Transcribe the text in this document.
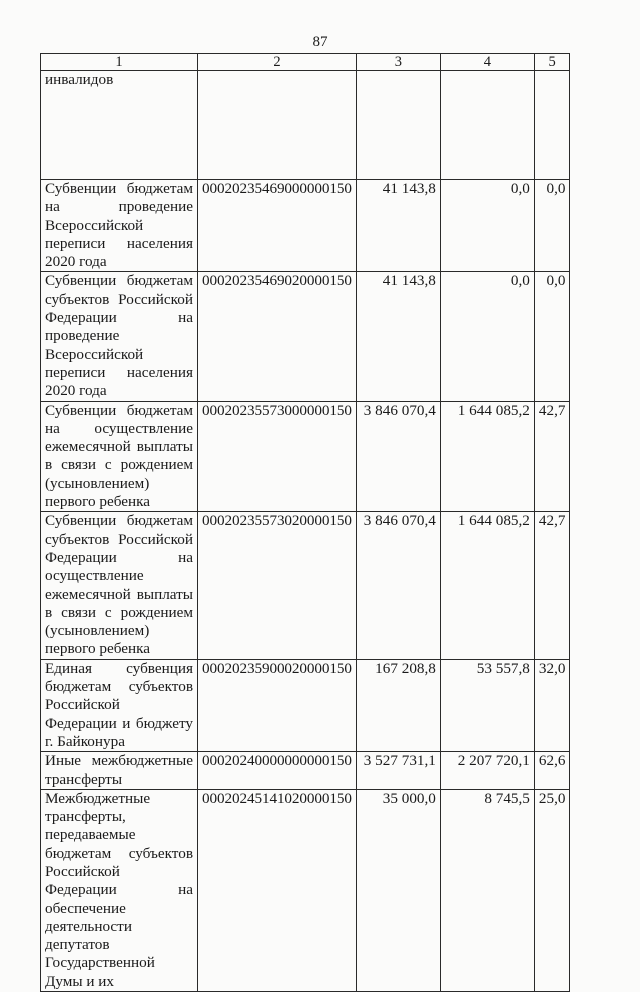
87
1	2	3	4	5
инвалидов				
Субвенции бюджетам на проведение Всероссийской переписи населения 2020 года	00020235469000000150	41 143,8	0,0	0,0
Субвенции бюджетам субъектов Российской Федерации на проведение Всероссийской переписи населения 2020 года	00020235469020000150	41 143,8	0,0	0,0
Субвенции бюджетам на осуществление ежемесячной выплаты в связи с рождением (усыновлением) первого ребенка	00020235573000000150	3 846 070,4	1 644 085,2	42,7
Субвенции бюджетам субъектов Российской Федерации на осуществление ежемесячной выплаты в связи с рождением (усыновлением) первого ребенка	00020235573020000150	3 846 070,4	1 644 085,2	42,7
Единая субвенция бюджетам субъектов Российской Федерации и бюджету г. Байконура	00020235900020000150	167 208,8	53 557,8	32,0
Иные межбюджетные трансферты	00020240000000000150	3 527 731,1	2 207 720,1	62,6
Межбюджетные трансферты, передаваемые бюджетам субъектов Российской Федерации на обеспечение деятельности депутатов Государственной Думы и их	00020245141020000150	35 000,0	8 745,5	25,0
